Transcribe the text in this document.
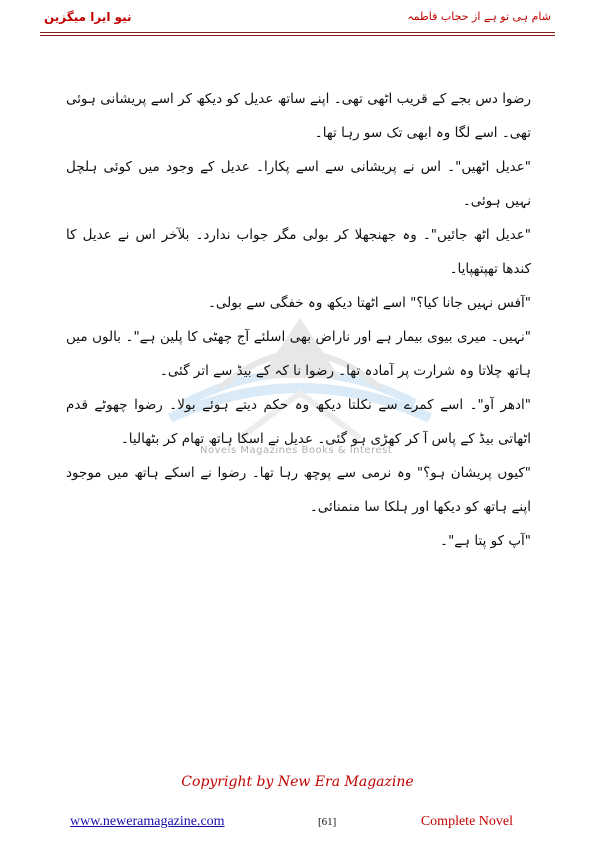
نیو ایرا میگزین	شام ہی تو ہے از حجاب فاطمہ
Novels Magazines Books & Interest

رضوا دس بجے کے قریب اٹھی تھی۔ اپنے ساتھ عدیل کو دیکھ کر اسے پریشانی ہوئی تھی۔ اسے لگا وہ ابھی تک سو رہا تھا۔

"عدیل اٹھیں"۔ اس نے پریشانی سے اسے پکارا۔ عدیل کے وجود میں کوئی ہلچل نہیں ہوئی۔

"عدیل اٹھ جائیں"۔ وہ جھنجھلا کر بولی مگر جواب ندارد۔ بلآخر اس نے عدیل کا کندھا تھپتھپایا۔

"آفس نہیں جانا کیا؟" اسے اٹھتا دیکھ وہ خفگی سے بولی۔

"نہیں۔ میری بیوی بیمار ہے اور ناراض بھی اسلئے آج چھٹی کا پلین ہے"۔ بالوں میں ہاتھ چلاتا وہ شرارت پر آمادہ تھا۔ رضوا نا کہ کے بیڈ سے اتر گئی۔

"ادھر آو"۔ اسے کمرے سے نکلتا دیکھ وہ حکم دیتے ہوئے بولا۔ رضوا چھوٹے قدم اٹھاتی بیڈ کے پاس آ کر کھڑی ہو گئی۔ عدیل نے اسکا ہاتھ تھام کر بٹھالیا۔

"کیوں پریشان ہو؟" وہ نرمی سے پوچھ رہا تھا۔ رضوا نے اسکے ہاتھ میں موجود اپنے ہاتھ کو دیکھا اور ہلکا سا منمنائی۔

"آپ کو پتا ہے"۔

Copyright by New Era Magazine
www.neweramagazine.com	[61]	Complete Novel
